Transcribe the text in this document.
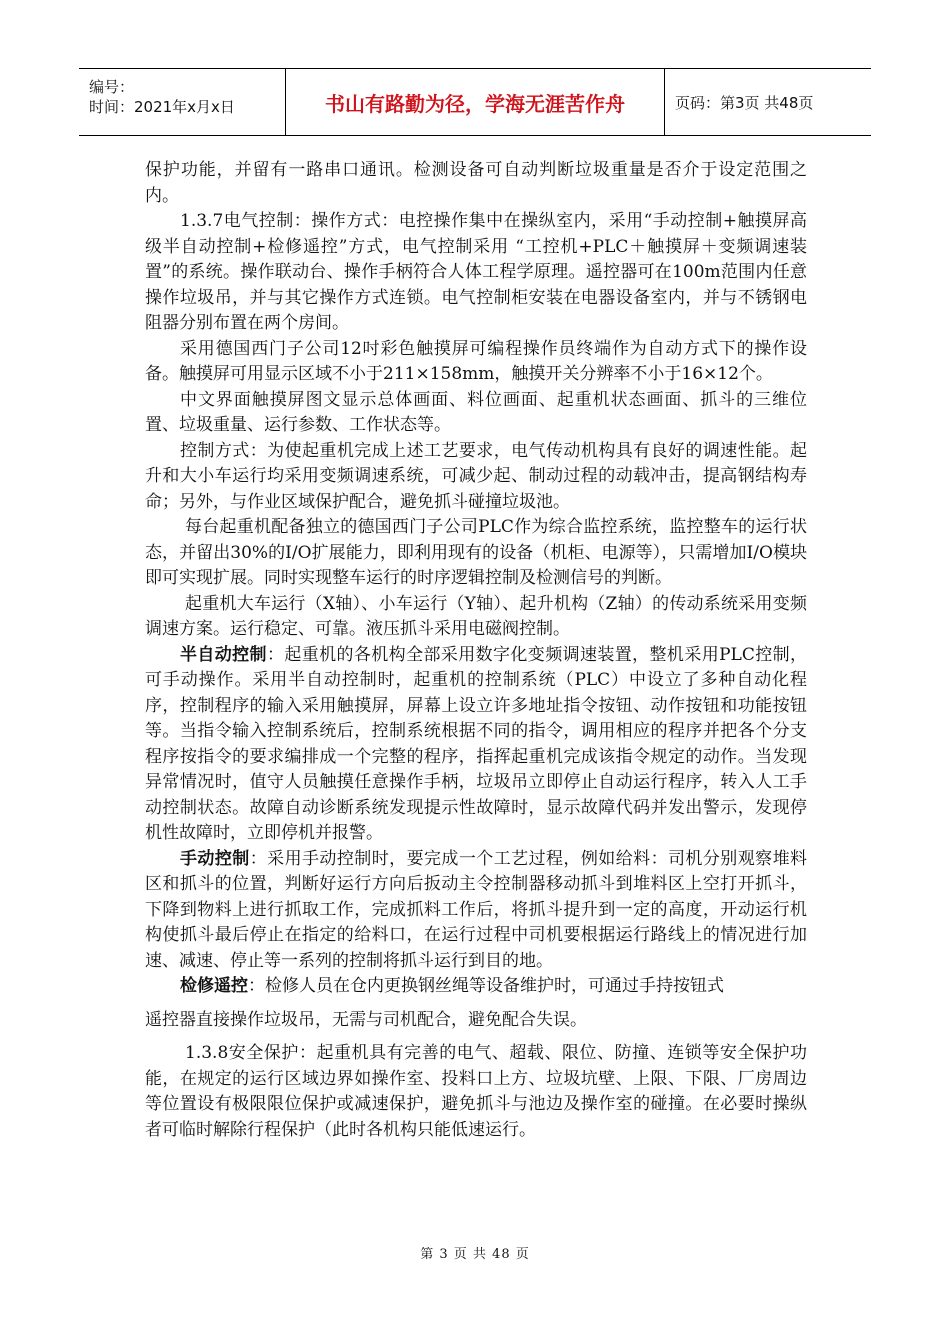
编号：
时间：2021年x月x日	书山有路勤为径，学海无涯苦作舟	页码：第3页 共48页

保护功能，并留有一路串口通讯。检测设备可自动判断垃圾重量是否介于设定范围之内。

1.3.7电气控制：操作方式：电控操作集中在操纵室内，采用“手动控制+触摸屏高级半自动控制+检修遥控”方式，电气控制采用 “工控机+PLC＋触摸屏＋变频调速装置”的系统。操作联动台、操作手柄符合人体工程学原理。遥控器可在100m范围内任意操作垃圾吊，并与其它操作方式连锁。电气控制柜安装在电器设备室内，并与不锈钢电阻器分别布置在两个房间。

采用德国西门子公司12吋彩色触摸屏可编程操作员终端作为自动方式下的操作设备。触摸屏可用显示区域不小于211×158mm，触摸开关分辨率不小于16×12个。

中文界面触摸屏图文显示总体画面、料位画面、起重机状态画面、抓斗的三维位置、垃圾重量、运行参数、工作状态等。

控制方式：为使起重机完成上述工艺要求，电气传动机构具有良好的调速性能。起升和大小车运行均采用变频调速系统，可减少起、制动过程的动载冲击，提高钢结构寿命；另外，与作业区域保护配合，避免抓斗碰撞垃圾池。

每台起重机配备独立的德国西门子公司PLC作为综合监控系统，监控整车的运行状态，并留出30%的I/O扩展能力，即利用现有的设备（机柜、电源等），只需增加I/O模块即可实现扩展。同时实现整车运行的时序逻辑控制及检测信号的判断。

起重机大车运行（X轴）、小车运行（Y轴）、起升机构（Z轴）的传动系统采用变频调速方案。运行稳定、可靠。液压抓斗采用电磁阀控制。

半自动控制：起重机的各机构全部采用数字化变频调速装置，整机采用PLC控制，可手动操作。采用半自动控制时，起重机的控制系统（PLC）中设立了多种自动化程序，控制程序的输入采用触摸屏，屏幕上设立许多地址指令按钮、动作按钮和功能按钮等。当指令输入控制系统后，控制系统根据不同的指令，调用相应的程序并把各个分支程序按指令的要求编排成一个完整的程序，指挥起重机完成该指令规定的动作。当发现异常情况时，值守人员触摸任意操作手柄，垃圾吊立即停止自动运行程序，转入人工手动控制状态。故障自动诊断系统发现提示性故障时，显示故障代码并发出警示，发现停机性故障时，立即停机并报警。

手动控制：采用手动控制时，要完成一个工艺过程，例如给料：司机分别观察堆料区和抓斗的位置，判断好运行方向后扳动主令控制器移动抓斗到堆料区上空打开抓斗，下降到物料上进行抓取工作，完成抓料工作后，将抓斗提升到一定的高度，开动运行机构使抓斗最后停止在指定的给料口，在运行过程中司机要根据运行路线上的情况进行加速、减速、停止等一系列的控制将抓斗运行到目的地。

检修遥控：检修人员在仓内更换钢丝绳等设备维护时，可通过手持按钮式

遥控器直接操作垃圾吊，无需与司机配合，避免配合失误。

1.3.8安全保护：起重机具有完善的电气、超载、限位、防撞、连锁等安全保护功能，在规定的运行区域边界如操作室、投料口上方、垃圾坑壁、上限、下限、厂房周边等位置设有极限限位保护或减速保护，避免抓斗与池边及操作室的碰撞。在必要时操纵者可临时解除行程保护（此时各机构只能低速运行。

第 3 页 共 48 页
